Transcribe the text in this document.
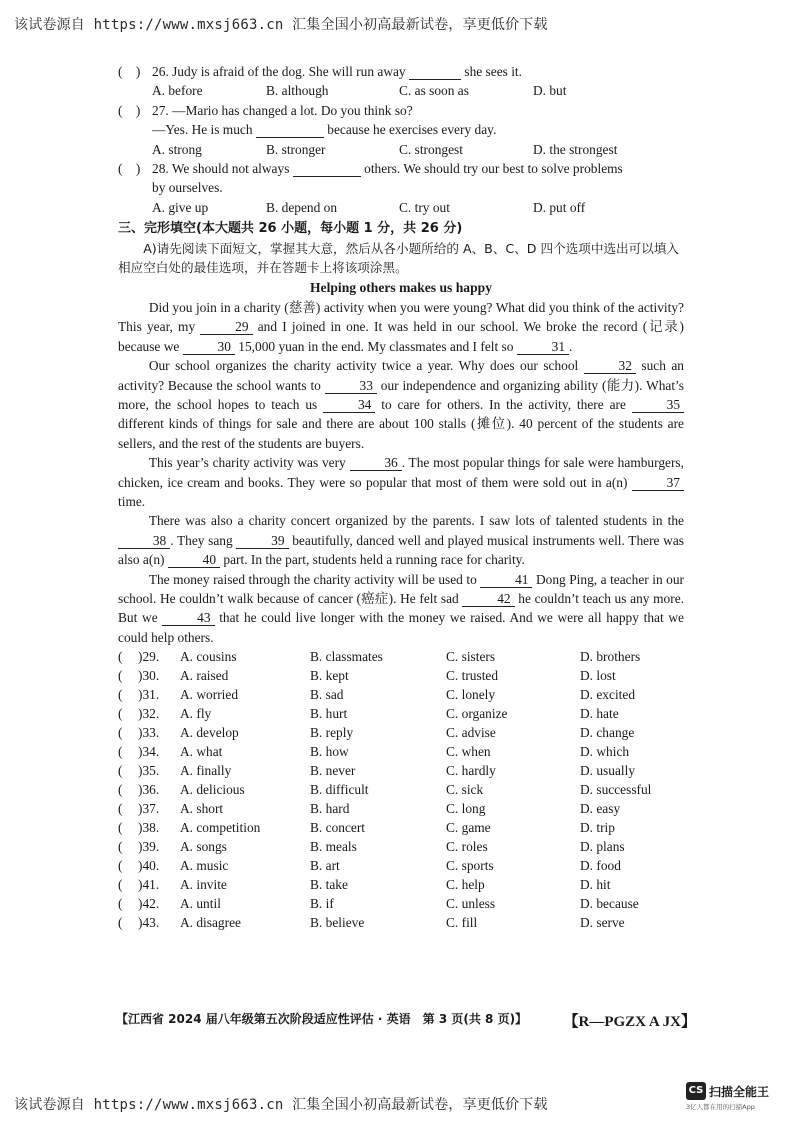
该试卷源自 https://www.mxsj663.cn 汇集全国小初高最新试卷，享更低价下载
(    ) 26. Judy is afraid of the dog. She will run away	she sees it.
A. before	B. although	C. as soon as	D. but
(    ) 27. —Mario has changed a lot. Do you think so?
—Yes. He is much	because he exercises every day.
A. strong	B. stronger	C. strongest	D. the strongest
(    ) 28. We should not always	others. We should try our best to solve problems
by ourselves.
A. give up	B. depend on	C. try out	D. put off
三、完形填空(本大题共 26 小题，每小题 1 分，共 26 分)
A)请先阅读下面短文，掌握其大意，然后从各小题所给的 A、B、C、D 四个选项中选出可以填入相应空白处的最佳选项，并在答题卡上将该项涂黑。
Helping others makes us happy
Did you join in a charity (慈善) activity when you were young? What did you think of the activity? This year, my	29 and I joined in one. It was held in our school. We broke the record (记录) because we	30 15,000 yuan in the end. My classmates and I felt so	31 .
Our school organizes the charity activity twice a year. Why does our school	32 such an activity? Because the school wants to	33 our independence and organizing ability (能力). What’s more, the school hopes to teach us	34 to care for others. In the activity, there are	35 different kinds of things for sale and there are about 100 stalls (摊位). 40 percent of the students are sellers, and the rest of the students are buyers.
This year’s charity activity was very	36 . The most popular things for sale were hamburgers, chicken, ice cream and books. They were so popular that most of them were sold out in a(n)	37 time.
There was also a charity concert organized by the parents. I saw lots of talented students in the 38 . They sang	39 beautifully, danced well and played musical instruments well. There was also a(n)	40 part. In the part, students held a running race for charity.
The money raised through the charity activity will be used to	41 Dong Ping, a teacher in our school. He couldn’t walk because of cancer (癌症). He felt sad	42 he couldn’t teach us any more. But we	43 that he could live longer with the money we raised. And we were all happy that we could help others.
(	)29.	A. cousins	B. classmates	C. sisters	D. brothers
(	)30.	A. raised	B. kept	C. trusted	D. lost
(	)31.	A. worried	B. sad	C. lonely	D. excited
(	)32.	A. fly	B. hurt	C. organize	D. hate
(	)33.	A. develop	B. reply	C. advise	D. change
(	)34.	A. what	B. how	C. when	D. which
(	)35.	A. finally	B. never	C. hardly	D. usually
(	)36.	A. delicious	B. difficult	C. sick	D. successful
(	)37.	A. short	B. hard	C. long	D. easy
(	)38.	A. competition	B. concert	C. game	D. trip
(	)39.	A. songs	B. meals	C. roles	D. plans
(	)40.	A. music	B. art	C. sports	D. food
(	)41.	A. invite	B. take	C. help	D. hit
(	)42.	A. until	B. if	C. unless	D. because
(	)43.	A. disagree	B. believe	C. fill	D. serve
【江西省 2024 届八年级第五次阶段适应性评估 · 英语　第 3 页(共 8 页)】 【R—PGZX A JX】
该试卷源自 https://www.mxsj663.cn 汇集全国小初高最新试卷，享更低价下载
CS 扫描全能王
3亿人都在用的扫描App
